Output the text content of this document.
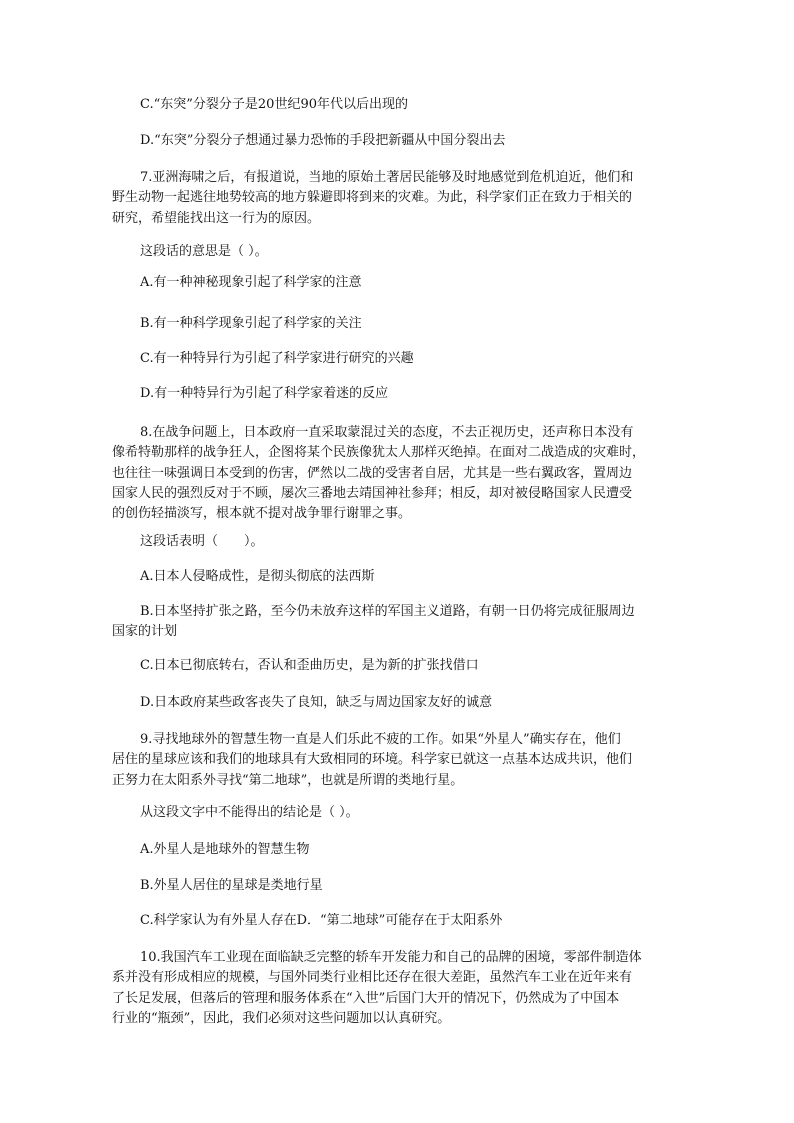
C.“东突”分裂分子是20世纪90年代以后出现的
D.“东突”分裂分子想通过暴力恐怖的手段把新疆从中国分裂出去
7.亚洲海啸之后，有报道说，当地的原始土著居民能够及时地感觉到危机迫近，他们和
野生动物一起逃往地势较高的地方躲避即将到来的灾难。为此，科学家们正在致力于相关的
研究，希望能找出这一行为的原因。
这段话的意思是（ ）。
A.有一种神秘现象引起了科学家的注意
B.有一种科学现象引起了科学家的关注
C.有一种特异行为引起了科学家进行研究的兴趣
D.有一种特异行为引起了科学家着迷的反应
8.在战争问题上，日本政府一直采取蒙混过关的态度，不去正视历史，还声称日本没有
像希特勒那样的战争狂人，企图将某个民族像犹太人那样灭绝掉。在面对二战造成的灾难时，
也往往一味强调日本受到的伤害，俨然以二战的受害者自居，尤其是一些右翼政客，置周边
国家人民的强烈反对于不顾，屡次三番地去靖国神社参拜；相反，却对被侵略国家人民遭受
的创伤轻描淡写，根本就不提对战争罪行谢罪之事。
这段话表明（　　）。
A.日本人侵略成性，是彻头彻底的法西斯
B.日本坚持扩张之路，至今仍未放弃这样的军国主义道路，有朝一日仍将完成征服周边
国家的计划
C.日本已彻底转右，否认和歪曲历史，是为新的扩张找借口
D.日本政府某些政客丧失了良知，缺乏与周边国家友好的诚意
9.寻找地球外的智慧生物一直是人们乐此不疲的工作。如果“外星人”确实存在，他们
居住的星球应该和我们的地球具有大致相同的环境。科学家已就这一点基本达成共识，他们
正努力在太阳系外寻找“第二地球”，也就是所谓的类地行星。
从这段文字中不能得出的结论是（ ）。
A.外星人是地球外的智慧生物
B.外星人居住的星球是类地行星
C.科学家认为有外星人存在D．“第二地球”可能存在于太阳系外
10.我国汽车工业现在面临缺乏完整的轿车开发能力和自己的品牌的困境，零部件制造体
系并没有形成相应的规模，与国外同类行业相比还存在很大差距，虽然汽车工业在近年来有
了长足发展，但落后的管理和服务体系在“入世”后国门大开的情况下，仍然成为了中国本
行业的“瓶颈”，因此，我们必须对这些问题加以认真研究。
